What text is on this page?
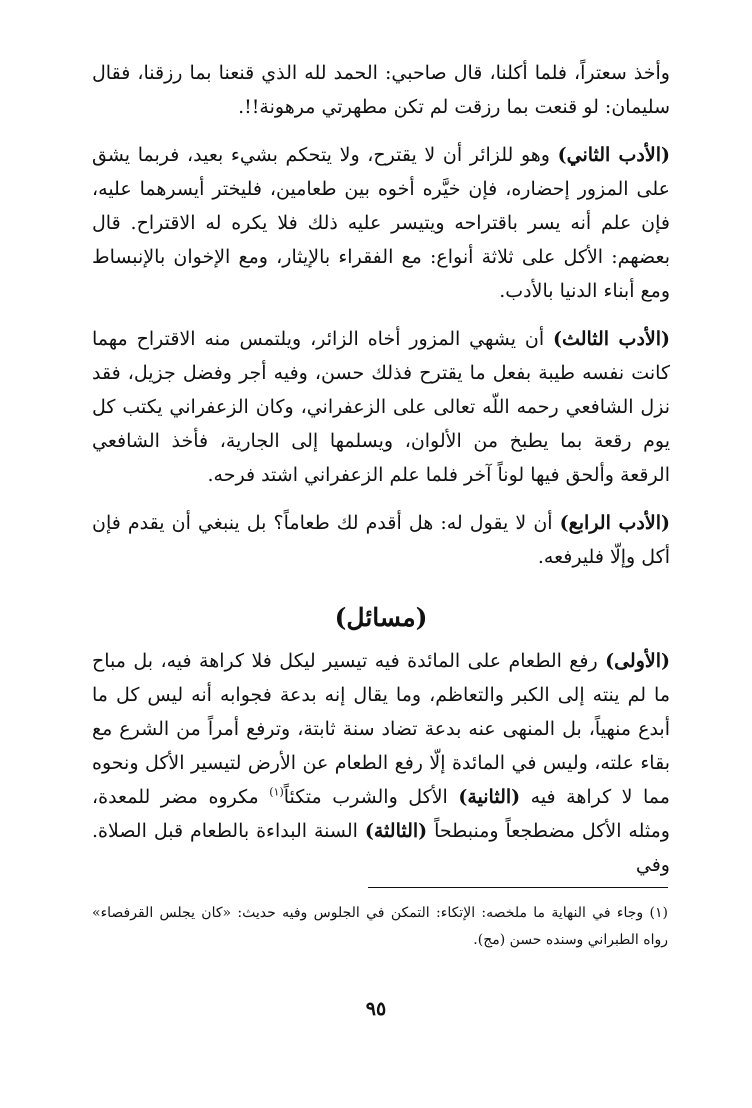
وأخذ سعتراً، فلما أكلنا، قال صاحبي: الحمد لله الذي قنعنا بما رزقنا، فقال سليمان: لو قنعت بما رزقت لم تكن مطهرتي مرهونة!!.

(الأدب الثاني) وهو للزائر أن لا يقترح، ولا يتحكم بشيء بعيد، فربما يشق على المزور إحضاره، فإن خيَّره أخوه بين طعامين، فليختر أيسرهما عليه، فإن علم أنه يسر باقتراحه ويتيسر عليه ذلك فلا يكره له الاقتراح. قال بعضهم: الأكل على ثلاثة أنواع: مع الفقراء بالإيثار، ومع الإخوان بالإنبساط ومع أبناء الدنيا بالأدب.

(الأدب الثالث) أن يشهي المزور أخاه الزائر، ويلتمس منه الاقتراح مهما كانت نفسه طيبة بفعل ما يقترح فذلك حسن، وفيه أجر وفضل جزيل، فقد نزل الشافعي رحمه اللّه تعالى على الزعفراني، وكان الزعفراني يكتب كل يوم رقعة بما يطبخ من الألوان، ويسلمها إلى الجارية، فأخذ الشافعي الرقعة وألحق فيها لوناً آخر فلما علم الزعفراني اشتد فرحه.

(الأدب الرابع) أن لا يقول له: هل أقدم لك طعاماً؟ بل ينبغي أن يقدم فإن أكل وإلّا فليرفعه.

(مسائل)

(الأولى) رفع الطعام على المائدة فيه تيسير ليكل فلا كراهة فيه، بل مباح ما لم ينته إلى الكبر والتعاظم، وما يقال إنه بدعة فجوابه أنه ليس كل ما أبدع منهياً، بل المنهى عنه بدعة تضاد سنة ثابتة، وترفع أمراً من الشرع مع بقاء علته، وليس في المائدة إلّا رفع الطعام عن الأرض لتيسير الأكل ونحوه مما لا كراهة فيه (الثانية) الأكل والشرب متكئاً$^{(١)}$ مكروه مضر للمعدة، ومثله الأكل مضطجعاً ومنبطحاً (الثالثة) السنة البداءة بالطعام قبل الصلاة. وفي

(١) وجاء في النهاية ما ملخصه: الإتكاء: التمكن في الجلوس وفيه حديث: «كان يجلس القرفصاء» رواه الطبراني وسنده حسن (مج).
٩٥
